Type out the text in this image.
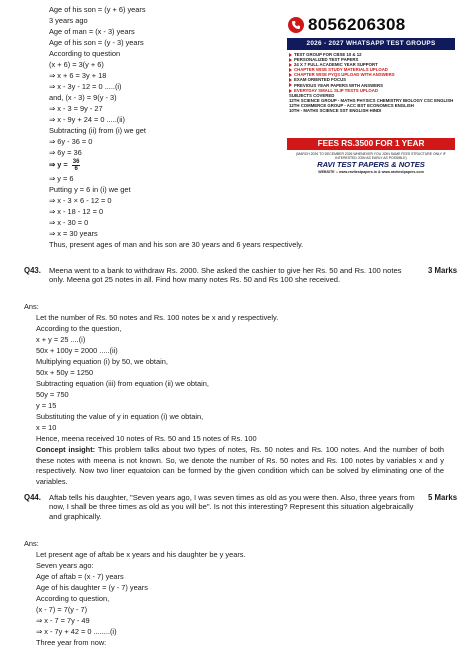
Age of his son = (y + 6) years
3 years ago
Age of man = (x - 3) years
Age of his son = (y - 3) years
According to question
(x + 6) = 3(y + 6)
⇒ x + 6 = 3y + 18
⇒ x - 3y - 12 = 0 .....(i)
and, (x - 3) = 9(y - 3)
⇒ x - 3 = 9y - 27
⇒ x - 9y + 24 = 0 .....(ii)
Subtracting (ii) from (i) we get
⇒ 6y - 36 = 0
⇒ 6y = 36
⇒ $y = \frac{36}{6}$
⇒ y = 6
Putting y = 6 in (i) we get
⇒ x - 3 × 6 - 12 = 0
⇒ x - 18 - 12 = 0
⇒ x - 30 = 0
⇒ x = 30 years
Thus, present ages of man and his son are 30 years and 6 years respectively.
8056206308
2026 - 2027 WHATSAPP TEST GROUPS
TEST GROUP FOR CBSE 10 & 12
PERSONALIZED TEST PAPERS
24 X 7 FULL ACADEMIC YEAR SUPPORT
CHAPTER WISE STUDY MATERIALS UPLOAD
CHAPTER WISE PYQS UPLOAD WITH ANSWERS
EXAM ORIENTED FOCUS
PREVIOUS YEAR PAPERS WITH ANSWERS
EVERYDAY SMALL SLIP TESTS UPLOAD
SUBJECTS COVERED
12TH SCIENCE GROUP - MATHS PHYSICS CHEMISTRY BIOLOGY CSC ENGLISH
12TH COMMERCE GROUP - ACC BST ECONOMICS ENGLISH
10TH - MATHS SCIENCE SST ENGLISH HINDI
FEES RS.3500 FOR 1 YEAR
(MARCH 2026 TO DECEMBER 2026 WHENEVER YOU JOIN SAME FEES STRUCTURE ONLY IF INTERESTED JOIN AS EARLY AS POSSIBLE)
RAVI TEST PAPERS & NOTES
WEBSITE :- www.ravitestpapers.in & www.ravitestpapers.com
Q43. Meena went to a bank to withdraw Rs. 2000. She asked the cashier to give her Rs. 50 and Rs. 100 notes only. Meena got 25 notes in all. Find how many notes Rs. 50 and Rs 100 she received.
3 Marks
Ans:
Let the number of Rs. 50 notes and Rs. 100 notes be x and y respectively.
According to the question,
x + y = 25 ....(i)
50x + 100y = 2000 .....(ii)
Multiplying equation (i) by 50, we obtain,
50x + 50y = 1250
Subtracting equation (iii) from equation (ii) we obtain,
50y = 750
y = 15
Substituting the value of y in equation (i) we obtain,
x = 10
Hence, meena received 10 notes of Rs. 50 and 15 notes of Rs. 100
Concept insight: This problem talks about two types of notes, Rs. 50 notes and Rs. 100 notes. And the number of both these notes with meena is not known. So, we denote the number of Rs. 50 notes and Rs. 100 notes by variables x and y respectively. Now two liner equatoion can be formed by the given condition which can be solved by eliminating one of the variables.
Q44. Aftab tells his daughter, "Seven years ago, I was seven times as old as you were then. Also, three years from now, I shall be three times as old as you will be". Is not this interesting? Represent this situation algebraically and graphically.
5 Marks
Ans:
Let present age of aftab be x years and his daughter be y years.
Seven years ago:
Age of aftab = (x - 7) years
Age of his daughter = (y - 7) years
According to question,
(x - 7) = 7(y - 7)
⇒ x - 7 = 7y - 49
⇒ x - 7y + 42 = 0 ........(i)
Three year from now:
